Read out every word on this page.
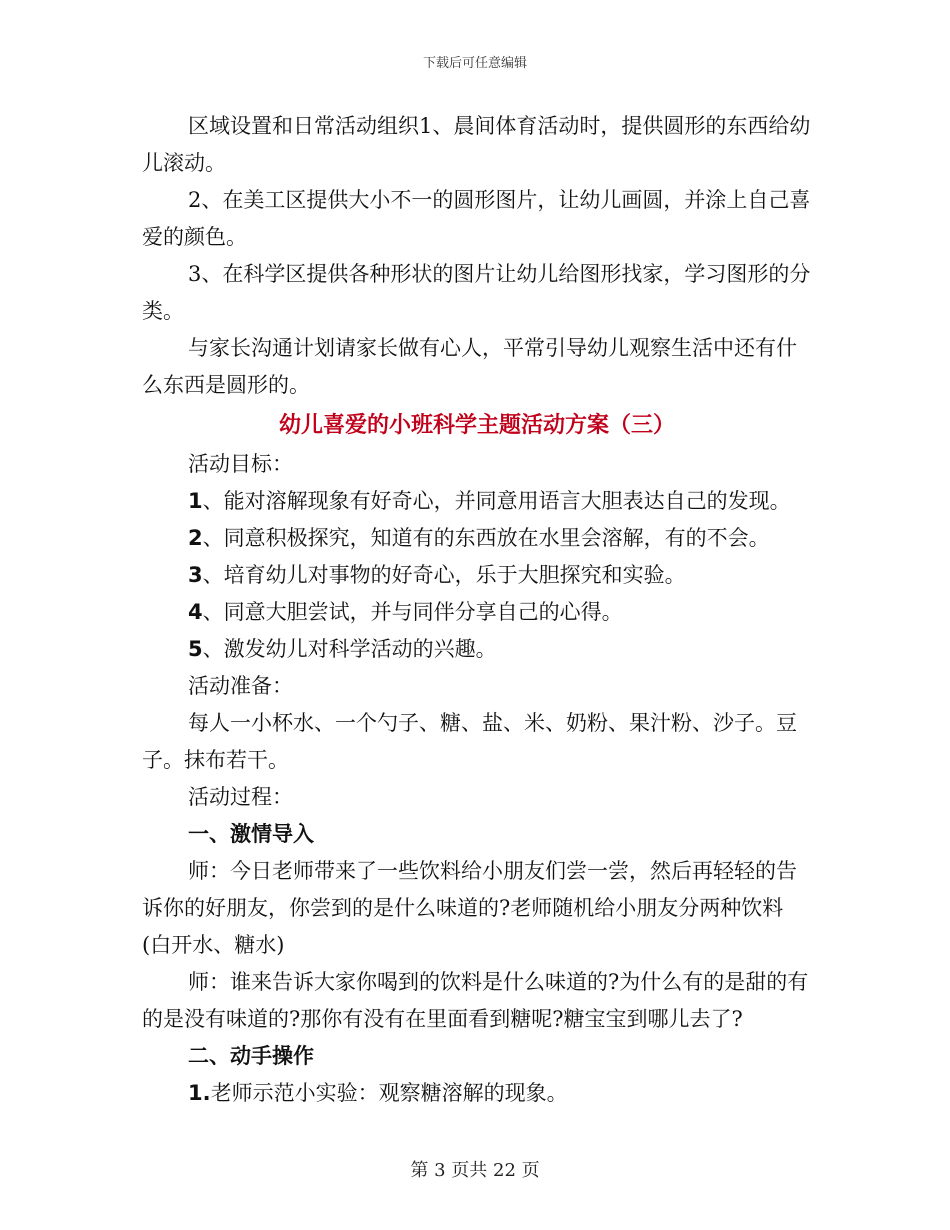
下载后可任意编辑

区域设置和日常活动组织1、晨间体育活动时，提供圆形的东西给幼儿滚动。

2、在美工区提供大小不一的圆形图片，让幼儿画圆，并涂上自己喜爱的颜色。

3、在科学区提供各种形状的图片让幼儿给图形找家，学习图形的分类。

与家长沟通计划请家长做有心人，平常引导幼儿观察生活中还有什么东西是圆形的。

幼儿喜爱的小班科学主题活动方案（三）

活动目标：

1、能对溶解现象有好奇心，并同意用语言大胆表达自己的发现。

2、同意积极探究，知道有的东西放在水里会溶解，有的不会。

3、培育幼儿对事物的好奇心，乐于大胆探究和实验。

4、同意大胆尝试，并与同伴分享自己的心得。

5、激发幼儿对科学活动的兴趣。

活动准备：

每人一小杯水、一个勺子、糖、盐、米、奶粉、果汁粉、沙子。豆子。抹布若干。

活动过程：

一、激情导入

师：今日老师带来了一些饮料给小朋友们尝一尝，然后再轻轻的告诉你的好朋友，你尝到的是什么味道的?老师随机给小朋友分两种饮料(白开水、糖水)

师：谁来告诉大家你喝到的饮料是什么味道的?为什么有的是甜的有的是没有味道的?那你有没有在里面看到糖呢?糖宝宝到哪儿去了?

二、动手操作

1.老师示范小实验：观察糖溶解的现象。

第 3 页共 22 页
